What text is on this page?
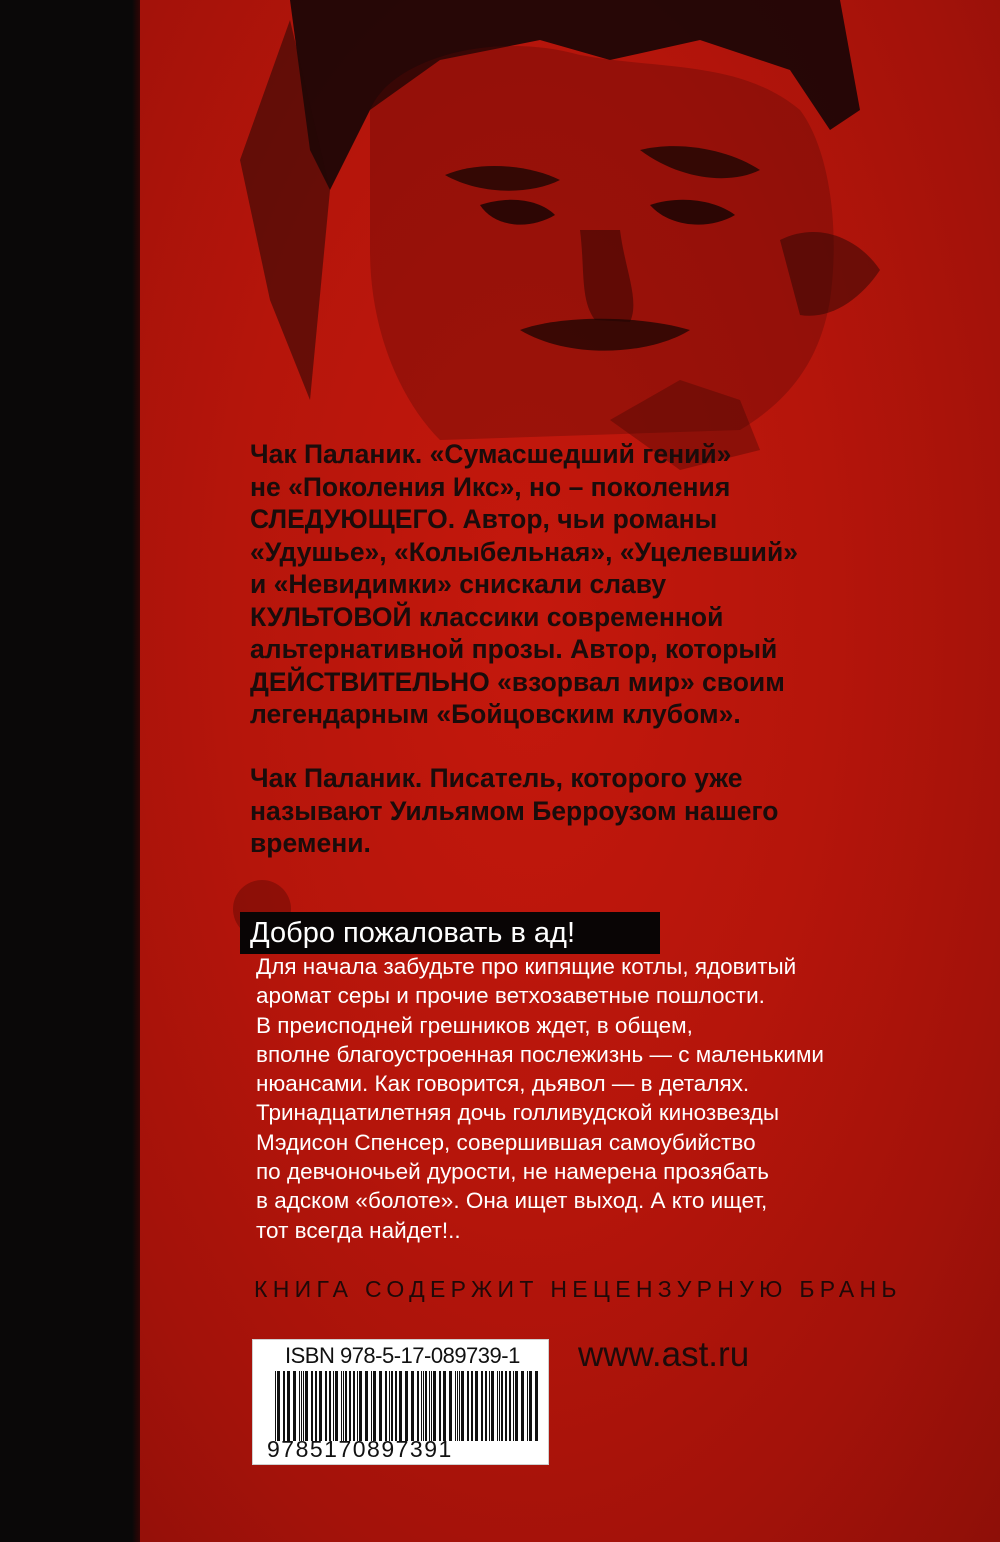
Чак Паланик. «Сумасшедший гений»
не «Поколения Икс», но – поколения
СЛЕДУЮЩЕГО. Автор, чьи романы
«Удушье», «Колыбельная», «Уцелевший»
и «Невидимки» снискали славу
КУЛЬТОВОЙ классики современной
альтернативной прозы. Автор, который
ДЕЙСТВИТЕЛЬНО «взорвал мир» своим
легендарным «Бойцовским клубом».
Чак Паланик. Писатель, которого уже
называют Уильямом Берроузом нашего
времени.
Добро пожаловать в ад!
Для начала забудьте про кипящие котлы, ядовитый
аромат серы и прочие ветхозаветные пошлости.
В преисподней грешников ждет, в общем,
вполне благоустроенная послежизнь — с маленькими
нюансами. Как говорится, дьявол — в деталях.
Тринадцатилетняя дочь голливудской кинозвезды
Мэдисон Спенсер, совершившая самоубийство
по девчоночьей дурости, не намерена прозябать
в адском «болоте». Она ищет выход. А кто ищет,
тот всегда найдет!..
КНИГА СОДЕРЖИТ НЕЦЕНЗУРНУЮ БРАНЬ
ISBN 978-5-17-089739-1
9785170897391
www.ast.ru
